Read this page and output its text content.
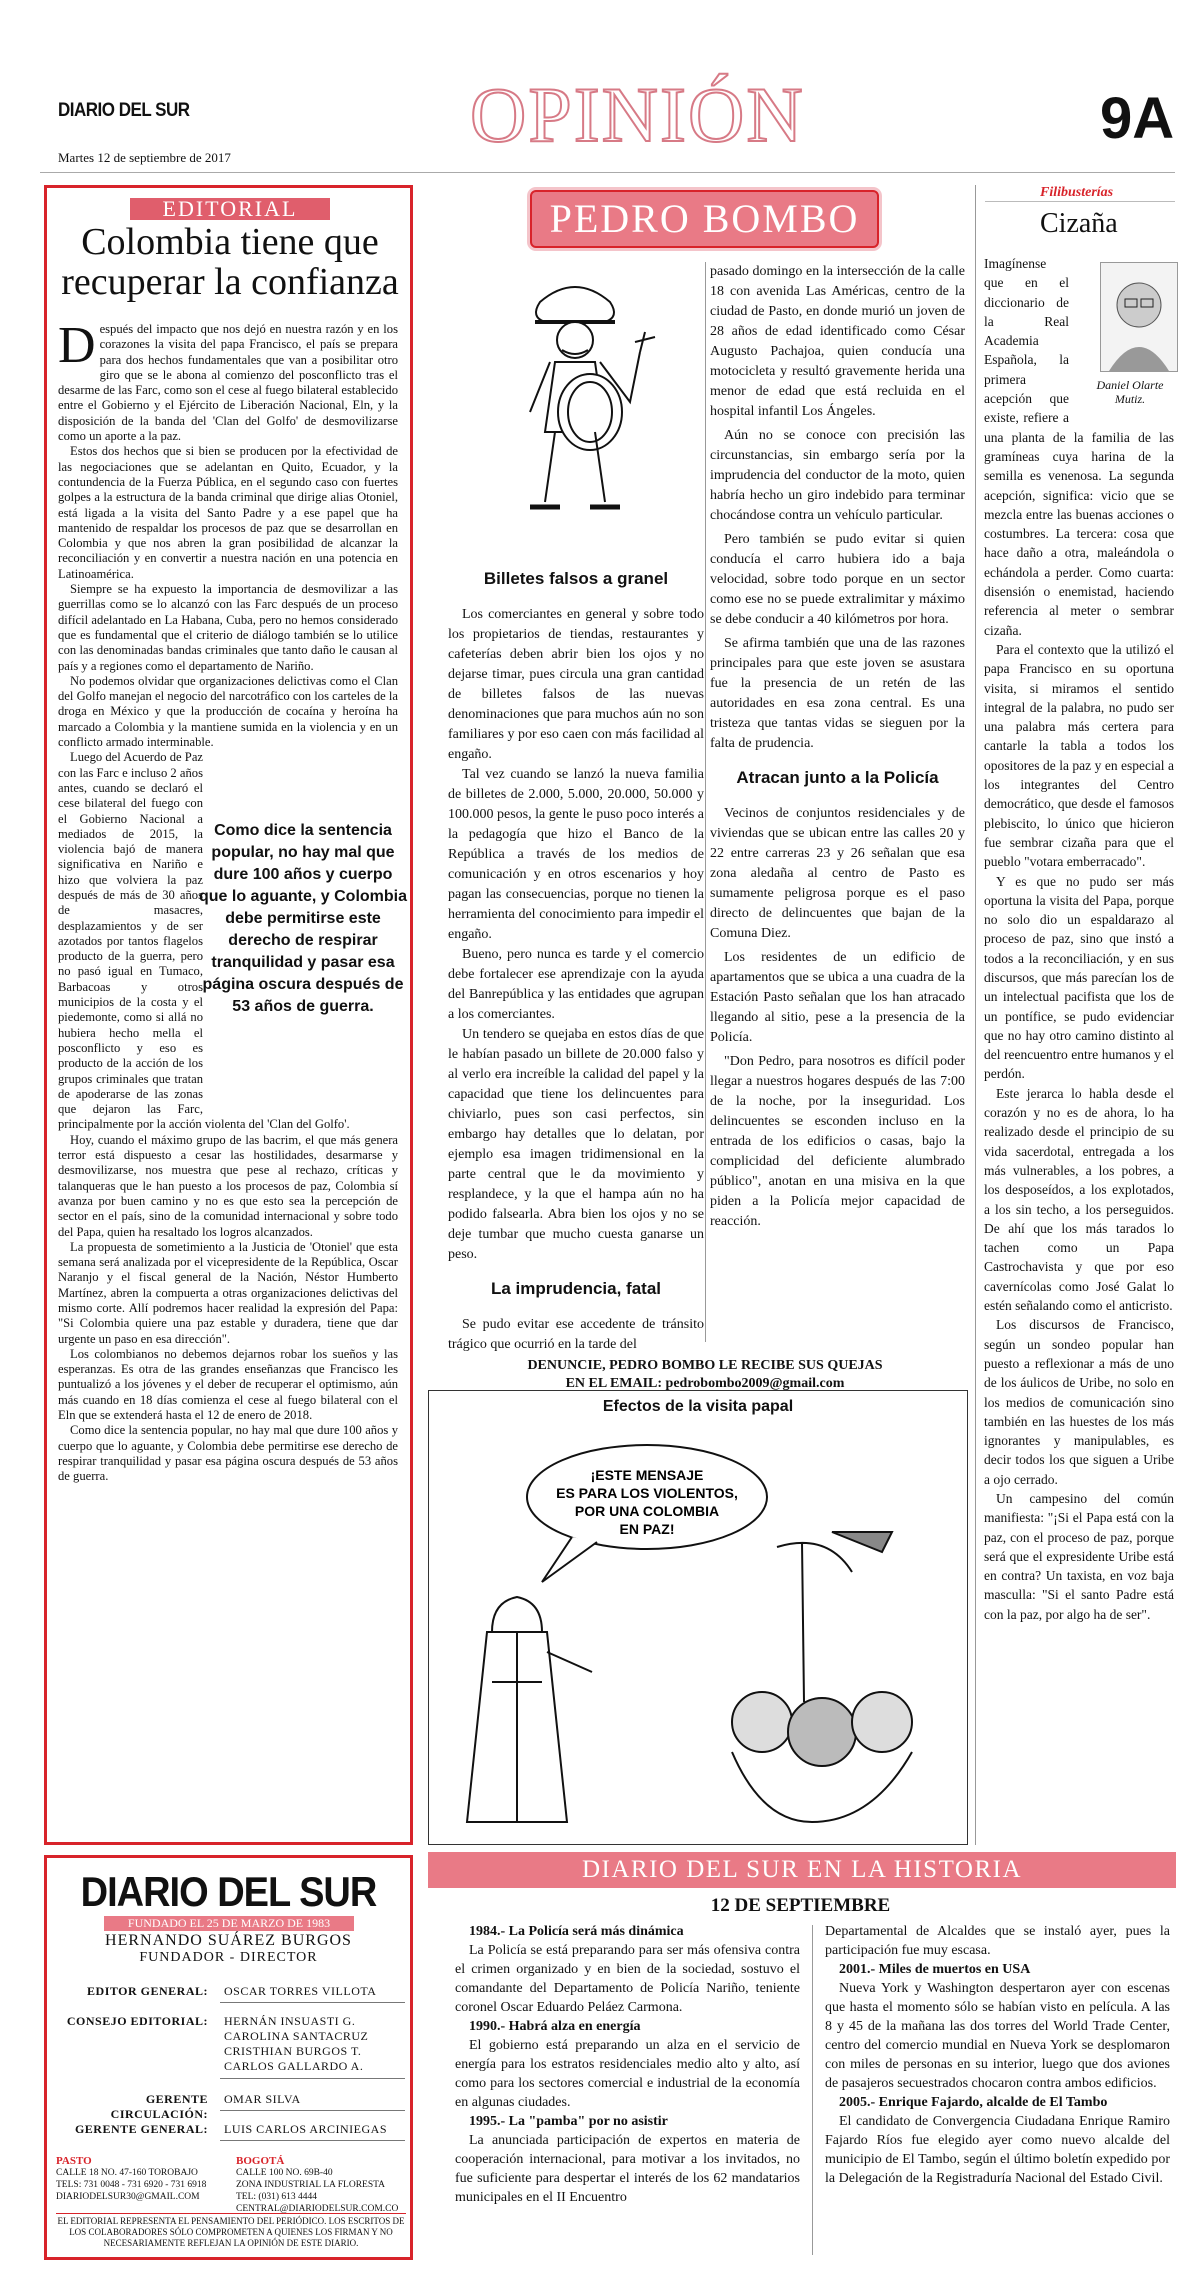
DIARIO DEL SUR
Martes 12 de septiembre de 2017	OPINIÓN	9A
EDITORIAL
Colombia tiene que recuperar la confianza

Después del impacto que nos dejó en nuestra razón y en los corazones la visita del papa Francisco, el país se prepara para dos hechos fundamentales que van a posibilitar otro giro que se le abona al comienzo del posconflicto tras el desarme de las Farc, como son el cese al fuego bilateral establecido entre el Gobierno y el Ejército de Liberación Nacional, Eln, y la disposición de la banda del 'Clan del Golfo' de desmovilizarse como un aporte a la paz.

Estos dos hechos que si bien se producen por la efectividad de las negociaciones que se adelantan en Quito, Ecuador, y la contundencia de la Fuerza Pública, en el segundo caso con fuertes golpes a la estructura de la banda criminal que dirige alias Otoniel, está ligada a la visita del Santo Padre y a ese papel que ha mantenido de respaldar los procesos de paz que se desarrollan en Colombia y que nos abren la gran posibilidad de alcanzar la reconciliación y en convertir a nuestra nación en una potencia en Latinoamérica.

Siempre se ha expuesto la importancia de desmovilizar a las guerrillas como se lo alcanzó con las Farc después de un proceso difícil adelantado en La Habana, Cuba, pero no hemos considerado que es fundamental que el criterio de diálogo también se lo utilice con las denominadas bandas criminales que tanto daño le causan al país y a regiones como el departamento de Nariño.

No podemos olvidar que organizaciones delictivas como el Clan del Golfo manejan el negocio del narcotráfico con los carteles de la droga en México y que la producción de cocaína y heroína ha marcado a Colombia y la mantiene sumida en la violencia y en un conflicto armado interminable.

Luego del Acuerdo de Paz con las Farc e incluso 2 años antes, cuando se declaró el cese bilateral del fuego con el Gobierno Nacional a mediados de 2015, la violencia bajó de manera significativa en Nariño e hizo que volviera la paz después de más de 30 años de masacres, desplazamientos y de ser azotados por tantos flagelos producto de la guerra, pero no pasó igual en Tumaco, Barbacoas y otros municipios de la costa y el piedemonte, como si allá no hubiera hecho mella el posconflicto y eso es producto de la acción de los grupos criminales que tratan de apoderarse de las zonas que dejaron las Farc, principalmente por la acción violenta del 'Clan del Golfo'.

Hoy, cuando el máximo grupo de las bacrim, el que más genera terror está dispuesto a cesar las hostilidades, desarmarse y desmovilizarse, nos muestra que pese al rechazo, críticas y talanqueras que le han puesto a los procesos de paz, Colombia sí avanza por buen camino y no es que esto sea la percepción de sector en el país, sino de la comunidad internacional y sobre todo del Papa, quien ha resaltado los logros alcanzados.

La propuesta de sometimiento a la Justicia de 'Otoniel' que esta semana será analizada por el vicepresidente de la República, Oscar Naranjo y el fiscal general de la Nación, Néstor Humberto Martínez, abren la compuerta a otras organizaciones delictivas del mismo corte. Allí podremos hacer realidad la expresión del Papa: "Si Colombia quiere una paz estable y duradera, tiene que dar urgente un paso en esa dirección".

Los colombianos no debemos dejarnos robar los sueños y las esperanzas. Es otra de las grandes enseñanzas que Francisco les puntualizó a los jóvenes y el deber de recuperar el optimismo, aún más cuando en 18 días comienza el cese al fuego bilateral con el Eln que se extenderá hasta el 12 de enero de 2018.

Como dice la sentencia popular, no hay mal que dure 100 años y cuerpo que lo aguante, y Colombia debe permitirse ese derecho de respirar tranquilidad y pasar esa página oscura después de 53 años de guerra.

Como dice la sentencia popular, no hay mal que dure 100 años y cuerpo que lo aguante, y Colombia debe permitirse este derecho de respirar tranquilidad y pasar esa página oscura después de 53 años de guerra.
PEDRO BOMBO
Billetes falsos a granel

Los comerciantes en general y sobre todo los propietarios de tiendas, restaurantes y cafeterías deben abrir bien los ojos y no dejarse timar, pues circula una gran cantidad de billetes falsos de las nuevas denominaciones que para muchos aún no son familiares y por eso caen con más facilidad al engaño.

Tal vez cuando se lanzó la nueva familia de billetes de 2.000, 5.000, 20.000, 50.000 y 100.000 pesos, la gente le puso poco interés a la pedagogía que hizo el Banco de la República a través de los medios de comunicación y en otros escenarios y hoy pagan las consecuencias, porque no tienen la herramienta del conocimiento para impedir el engaño.

Bueno, pero nunca es tarde y el comercio debe fortalecer ese aprendizaje con la ayuda del Banrepública y las entidades que agrupan a los comerciantes.

Un tendero se quejaba en estos días de que le habían pasado un billete de 20.000 falso y al verlo era increíble la calidad del papel y la capacidad que tiene los delincuentes para chiviarlo, pues son casi perfectos, sin embargo hay detalles que lo delatan, por ejemplo esa imagen tridimensional en la parte central que le da movimiento y resplandece, y la que el hampa aún no ha podido falsearla. Abra bien los ojos y no se deje tumbar que mucho cuesta ganarse un peso.

La imprudencia, fatal

Se pudo evitar ese accedente de tránsito trágico que ocurrió en la tarde del

pasado domingo en la intersección de la calle 18 con avenida Las Américas, centro de la ciudad de Pasto, en donde murió un joven de 28 años de edad identificado como César Augusto Pachajoa, quien conducía una motocicleta y resultó gravemente herida una menor de edad que está recluida en el hospital infantil Los Ángeles.

Aún no se conoce con precisión las circunstancias, sin embargo sería por la imprudencia del conductor de la moto, quien habría hecho un giro indebido para terminar chocándose contra un vehículo particular.

Pero también se pudo evitar si quien conducía el carro hubiera ido a baja velocidad, sobre todo porque en un sector como ese no se puede extralimitar y máximo se debe conducir a 40 kilómetros por hora.

Se afirma también que una de las razones principales para que este joven se asustara fue la presencia de un retén de las autoridades en esa zona central. Es una tristeza que tantas vidas se sieguen por la falta de prudencia.

Atracan junto a la Policía

Vecinos de conjuntos residenciales y de viviendas que se ubican entre las calles 20 y 22 entre carreras 23 y 26 señalan que esa zona aledaña al centro de Pasto es sumamente peligrosa porque es el paso directo de delincuentes que bajan de la Comuna Diez.

Los residentes de un edificio de apartamentos que se ubica a una cuadra de la Estación Pasto señalan que los han atracado llegando al sitio, pese a la presencia de la Policía.

"Don Pedro, para nosotros es difícil poder llegar a nuestros hogares después de las 7:00 de la noche, por la inseguridad. Los delincuentes se esconden incluso en la entrada de los edificios o casas, bajo la complicidad del deficiente alumbrado público", anotan en una misiva en la que piden a la Policía mejor capacidad de reacción.

DENUNCIE, PEDRO BOMBO LE RECIBE SUS QUEJAS
EN EL EMAIL: pedrobombo2009@gmail.com
Efectos de la visita papal
¡ESTE MENSAJE
ES PARA LOS VIOLENTOS,
POR UNA COLOMBIA
EN PAZ!
Filibusterías
Cizaña
Daniel Olarte Mutiz.

Imagínense que en el diccionario de la Real Academia Española, la primera acepción que existe, refiere a una planta de la familia de las gramíneas cuya harina de la semilla es venenosa. La segunda acepción, significa: vicio que se mezcla entre las buenas acciones o costumbres. La tercera: cosa que hace daño a otra, maleándola o echándola a perder. Como cuarta: disensión o enemistad, haciendo referencia al meter o sembrar cizaña.

Para el contexto que la utilizó el papa Francisco en su oportuna visita, si miramos el sentido integral de la palabra, no pudo ser una palabra más certera para cantarle la tabla a todos los opositores de la paz y en especial a los integrantes del Centro democrático, que desde el famosos plebiscito, lo único que hicieron fue sembrar cizaña para que el pueblo "votara emberracado".

Y es que no pudo ser más oportuna la visita del Papa, porque no solo dio un espaldarazo al proceso de paz, sino que instó a todos a la reconciliación, y en sus discursos, que más parecían los de un intelectual pacifista que los de un pontífice, se pudo evidenciar que no hay otro camino distinto al del reencuentro entre humanos y el perdón.

Este jerarca lo habla desde el corazón y no es de ahora, lo ha realizado desde el principio de su vida sacerdotal, entregada a los más vulnerables, a los pobres, a los desposeídos, a los explotados, a los sin techo, a los perseguidos. De ahí que los más tarados lo tachen como un Papa Castrochavista y que por eso cavernícolas como José Galat lo estén señalando como el anticristo.

Los discursos de Francisco, según un sondeo popular han puesto a reflexionar a más de uno de los áulicos de Uribe, no solo en los medios de comunicación sino también en las huestes de los más ignorantes y manipulables, es decir todos los que siguen a Uribe a ojo cerrado.

Un campesino del común manifiesta: "¡Si el Papa está con la paz, con el proceso de paz, porque será que el expresidente Uribe está en contra? Un taxista, en voz baja masculla: "Si el santo Padre está con la paz, por algo ha de ser".

DIARIO DEL SUR
FUNDADO EL 25 DE MARZO DE 1983
HERNANDO SUÁREZ BURGOS
FUNDADOR - DIRECTOR
EDITOR GENERAL: OSCAR TORRES VILLOTA
CONSEJO EDITORIAL: HERNÁN INSUASTI G.
CAROLINA SANTACRUZ
CRISTHIAN BURGOS T.
CARLOS GALLARDO A.
GERENTE CIRCULACIÓN:
OMAR SILVA
GERENTE GENERAL: LUIS CARLOS ARCINIEGAS
PASTO
CALLE 18 NO. 47-160 TOROBAJO
TELS: 731 0048 - 731 6920 - 731 6918
DIARIODELSUR30@GMAIL.COM
BOGOTÁ
CALLE 100 NO. 69B-40
ZONA INDUSTRIAL LA FLORESTA
TEL: (031) 613 4444
CENTRAL@DIARIODELSUR.COM.CO
EL EDITORIAL REPRESENTA EL PENSAMIENTO DEL PERIÓDICO. LOS ESCRITOS DE LOS COLABORADORES SÓLO COMPROMETEN A QUIENES LOS FIRMAN Y NO NECESARIAMENTE REFLEJAN LA OPINIÓN DE ESTE DIARIO.
DIARIO DEL SUR EN LA HISTORIA
12 DE SEPTIEMBRE

1984.- La Policía será más dinámica

La Policía se está preparando para ser más ofensiva contra el crimen organizado y en bien de la sociedad, sostuvo el comandante del Departamento de Policía Nariño, teniente coronel Oscar Eduardo Peláez Carmona.

1990.- Habrá alza en energía

El gobierno está preparando un alza en el servicio de energía para los estratos residenciales medio alto y alto, así como para los sectores comercial e industrial de la economía en algunas ciudades.

1995.- La "pamba" por no asistir

La anunciada participación de expertos en materia de cooperación internacional, para motivar a los invitados, no fue suficiente para despertar el interés de los 62 mandatarios municipales en el II Encuentro

Departamental de Alcaldes que se instaló ayer, pues la participación fue muy escasa.

2001.- Miles de muertos en USA

Nueva York y Washington despertaron ayer con escenas que hasta el momento sólo se habían visto en película. A las 8 y 45 de la mañana las dos torres del World Trade Center, centro del comercio mundial en Nueva York se desplomaron con miles de personas en su interior, luego que dos aviones de pasajeros secuestrados chocaron contra ambos edificios.

2005.- Enrique Fajardo, alcalde de El Tambo

El candidato de Convergencia Ciudadana Enrique Ramiro Fajardo Ríos fue elegido ayer como nuevo alcalde del municipio de El Tambo, según el último boletín expedido por la Delegación de la Registraduría Nacional del Estado Civil.
